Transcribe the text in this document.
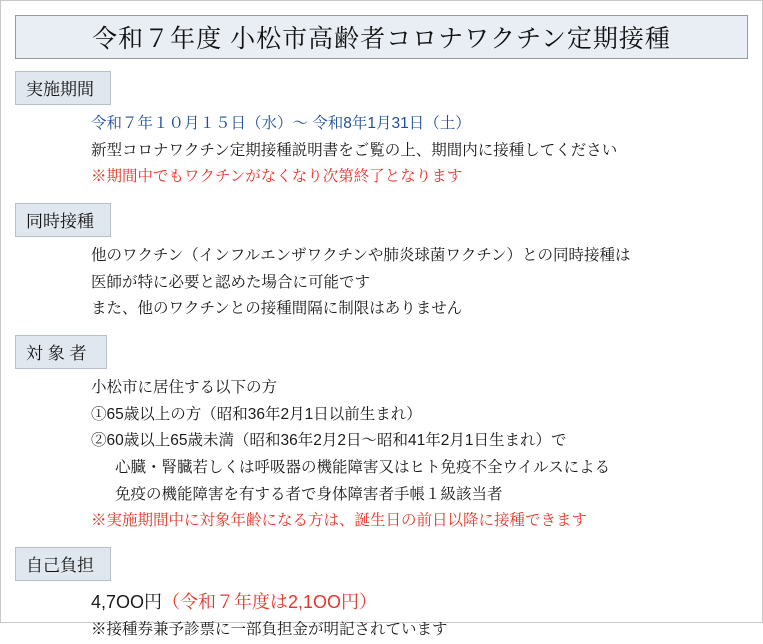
令和７年度 小松市高齢者コロナワクチン定期接種
実施期間
令和７年１０月１５日（水）～ 令和8年1月31日（土）
新型コロナワクチン定期接種説明書をご覧の上、期間内に接種してください
※期間中でもワクチンがなくなり次第終了となります
同時接種
他のワクチン（インフルエンザワクチンや肺炎球菌ワクチン）との同時接種は
医師が特に必要と認めた場合に可能です
また、他のワクチンとの接種間隔に制限はありません
対 象 者
小松市に居住する以下の方
①65歳以上の方（昭和36年2月1日以前生まれ）
②60歳以上65歳未満（昭和36年2月2日～昭和41年2月1日生まれ）で
心臓・腎臓若しくは呼吸器の機能障害又はヒト免疫不全ウイルスによる
免疫の機能障害を有する者で身体障害者手帳１級該当者
※実施期間中に対象年齢になる方は、誕生日の前日以降に接種できます
自己負担
4,7OO円（令和７年度は2,1OO円）
※接種券兼予診票に一部負担金が明記されています
